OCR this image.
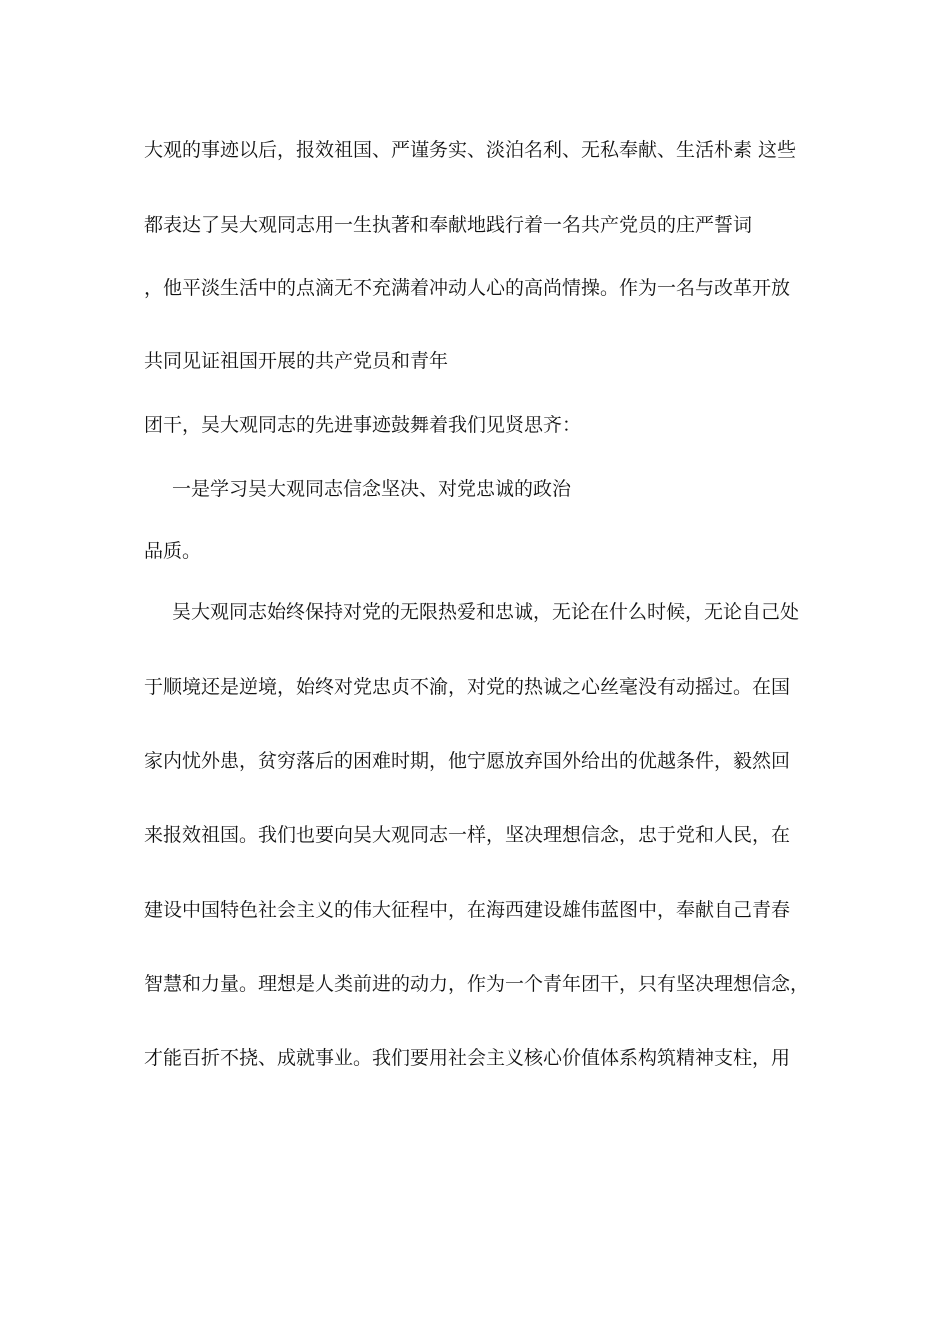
大观的事迹以后，报效祖国、严谨务实、淡泊名利、无私奉献、生活朴素 这些
都表达了吴大观同志用一生执著和奉献地践行着一名共产党员的庄严誓词
，他平淡生活中的点滴无不充满着冲动人心的高尚情操。作为一名与改革开放
共同见证祖国开展的共产党员和青年
团干，吴大观同志的先进事迹鼓舞着我们见贤思齐：
一是学习吴大观同志信念坚决、对党忠诚的政治
品质。
吴大观同志始终保持对党的无限热爱和忠诚，无论在什么时候，无论自己处
于顺境还是逆境，始终对党忠贞不渝，对党的热诚之心丝毫没有动摇过。在国
家内忧外患，贫穷落后的困难时期，他宁愿放弃国外给出的优越条件，毅然回
来报效祖国。我们也要向吴大观同志一样，坚决理想信念，忠于党和人民，在
建设中国特色社会主义的伟大征程中，在海西建设雄伟蓝图中，奉献自己青春
智慧和力量。理想是人类前进的动力，作为一个青年团干，只有坚决理想信念，
才能百折不挠、成就事业。我们要用社会主义核心价值体系构筑精神支柱，用
